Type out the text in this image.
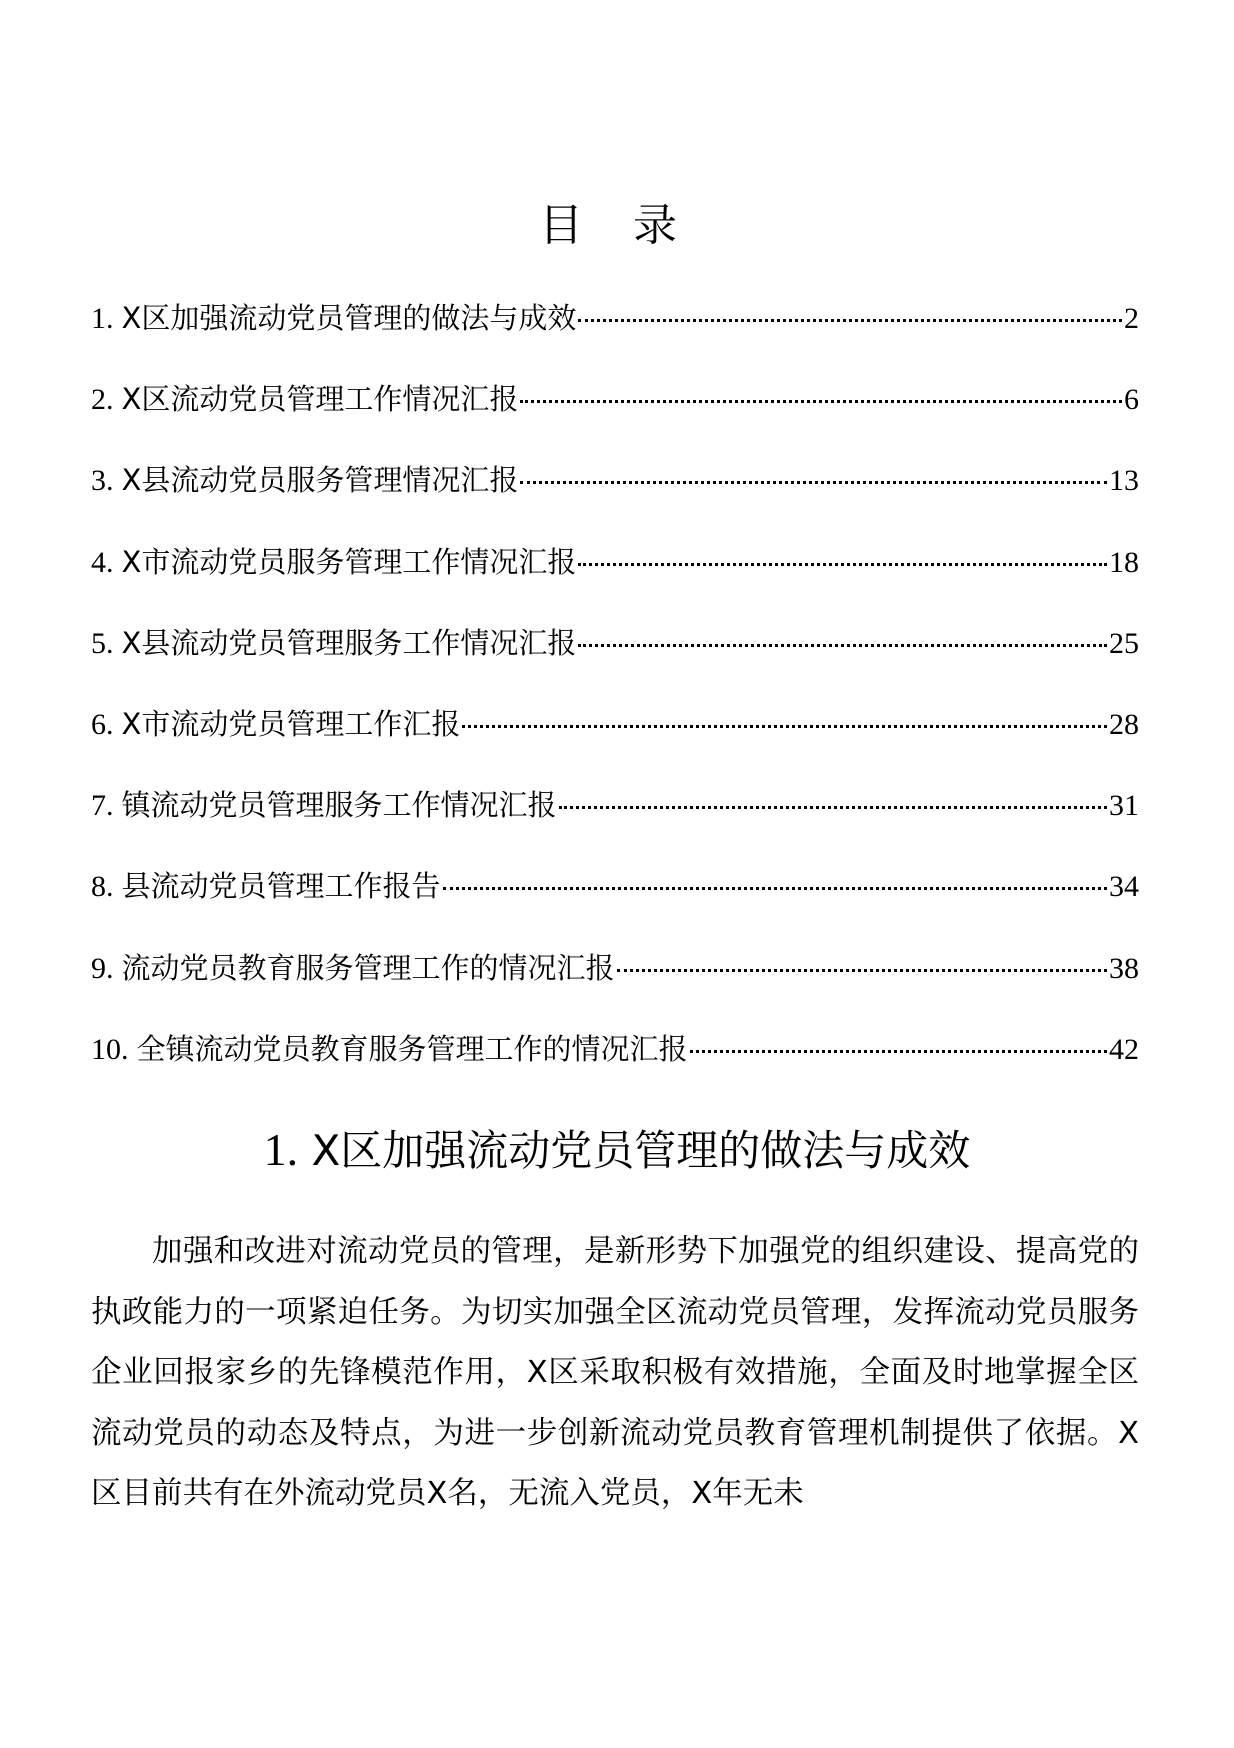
目 录
1. X区加强流动党员管理的做法与成效	2
2. X区流动党员管理工作情况汇报	6
3. X县流动党员服务管理情况汇报	13
4. X市流动党员服务管理工作情况汇报	18
5. X县流动党员管理服务工作情况汇报	25
6. X市流动党员管理工作汇报	28
7. 镇流动党员管理服务工作情况汇报	31
8. 县流动党员管理工作报告	34
9. 流动党员教育服务管理工作的情况汇报	38
10. 全镇流动党员教育服务管理工作的情况汇报	42
1. X区加强流动党员管理的做法与成效

加强和改进对流动党员的管理，是新形势下加强党的组织建设、提高党的执政能力的一项紧迫任务。为切实加强全区流动党员管理，发挥流动党员服务企业回报家乡的先锋模范作用，X区采取积极有效措施，全面及时地掌握全区流动党员的动态及特点，为进一步创新流动党员教育管理机制提供了依据。X区目前共有在外流动党员X名，无流入党员，X年无未
